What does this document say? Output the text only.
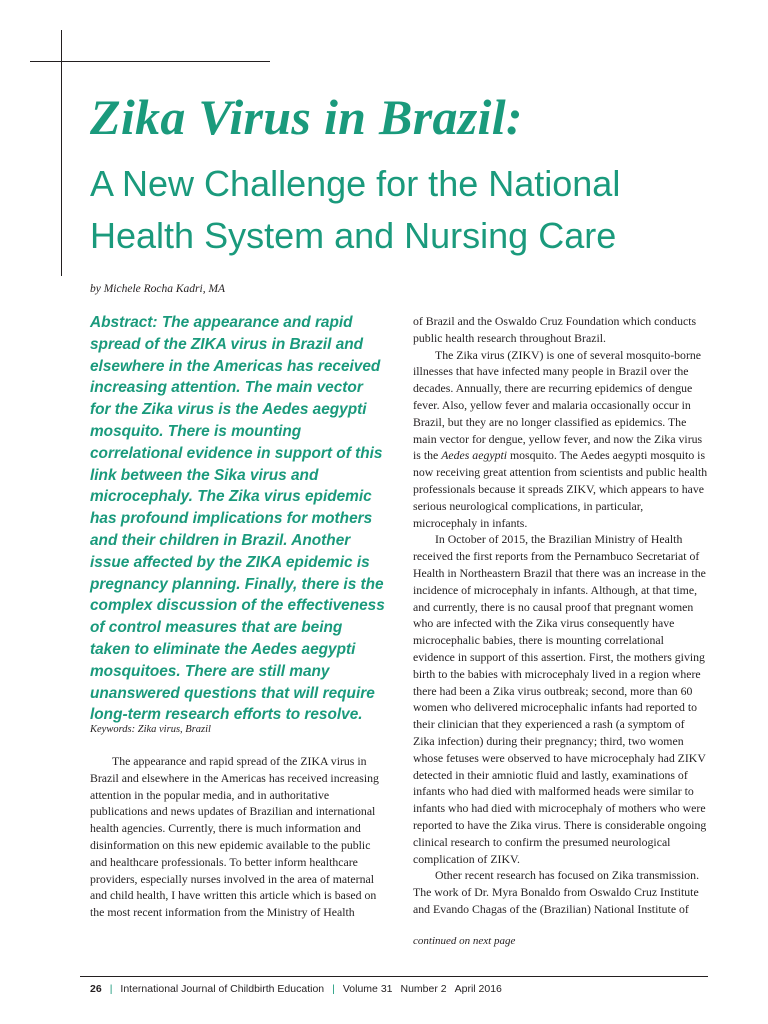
Zika Virus in Brazil:
A New Challenge for the National Health System and Nursing Care
by Michele Rocha Kadri, MA

Abstract: The appearance and rapid spread of the ZIKA virus in Brazil and elsewhere in the Americas has received increasing attention. The main vector for the Zika virus is the Aedes aegypti mosquito. There is mounting correlational evidence in support of this link between the Sika virus and microcephaly. The Zika virus epidemic has profound implications for mothers and their children in Brazil. Another issue affected by the ZIKA epidemic is pregnancy planning. Finally, there is the complex discussion of the effectiveness of control measures that are being taken to eliminate the Aedes aegypti mosquitoes. There are still many unanswered questions that will require long-term research efforts to resolve.

Keywords: Zika virus, Brazil

The appearance and rapid spread of the ZIKA virus in Brazil and elsewhere in the Americas has received increasing attention in the popular media, and in authoritative publications and news updates of Brazilian and international health agencies. Currently, there is much information and disinformation on this new epidemic available to the public and healthcare professionals. To better inform healthcare providers, especially nurses involved in the area of maternal and child health, I have written this article which is based on the most recent information from the Ministry of Health

of Brazil and the Oswaldo Cruz Foundation which conducts public health research throughout Brazil.

The Zika virus (ZIKV) is one of several mosquito-borne illnesses that have infected many people in Brazil over the decades. Annually, there are recurring epidemics of dengue fever. Also, yellow fever and malaria occasionally occur in Brazil, but they are no longer classified as epidemics. The main vector for dengue, yellow fever, and now the Zika virus is the Aedes aegypti mosquito. The Aedes aegypti mosquito is now receiving great attention from scientists and public health professionals because it spreads ZIKV, which appears to have serious neurological complications, in particular, microcephaly in infants.

In October of 2015, the Brazilian Ministry of Health received the first reports from the Pernambuco Secretariat of Health in Northeastern Brazil that there was an increase in the incidence of microcephaly in infants. Although, at that time, and currently, there is no causal proof that pregnant women who are infected with the Zika virus consequently have microcephalic babies, there is mounting correlational evidence in support of this assertion. First, the mothers giving birth to the babies with microcephaly lived in a region where there had been a Zika virus outbreak; second, more than 60 women who delivered microcephalic infants had reported to their clinician that they experienced a rash (a symptom of Zika infection) during their pregnancy; third, two women whose fetuses were observed to have microcephaly had ZIKV detected in their amniotic fluid and lastly, examinations of infants who had died with malformed heads were similar to infants who had died with microcephaly of mothers who were reported to have the Zika virus. There is considerable ongoing clinical research to confirm the presumed neurological complication of ZIKV.

Other recent research has focused on Zika transmission. The work of Dr. Myra Bonaldo from Oswaldo Cruz Institute and Evando Chagas of the (Brazilian) National Institute of

continued on next page
26 | International Journal of Childbirth Education | Volume 31 Number 2 April 2016
